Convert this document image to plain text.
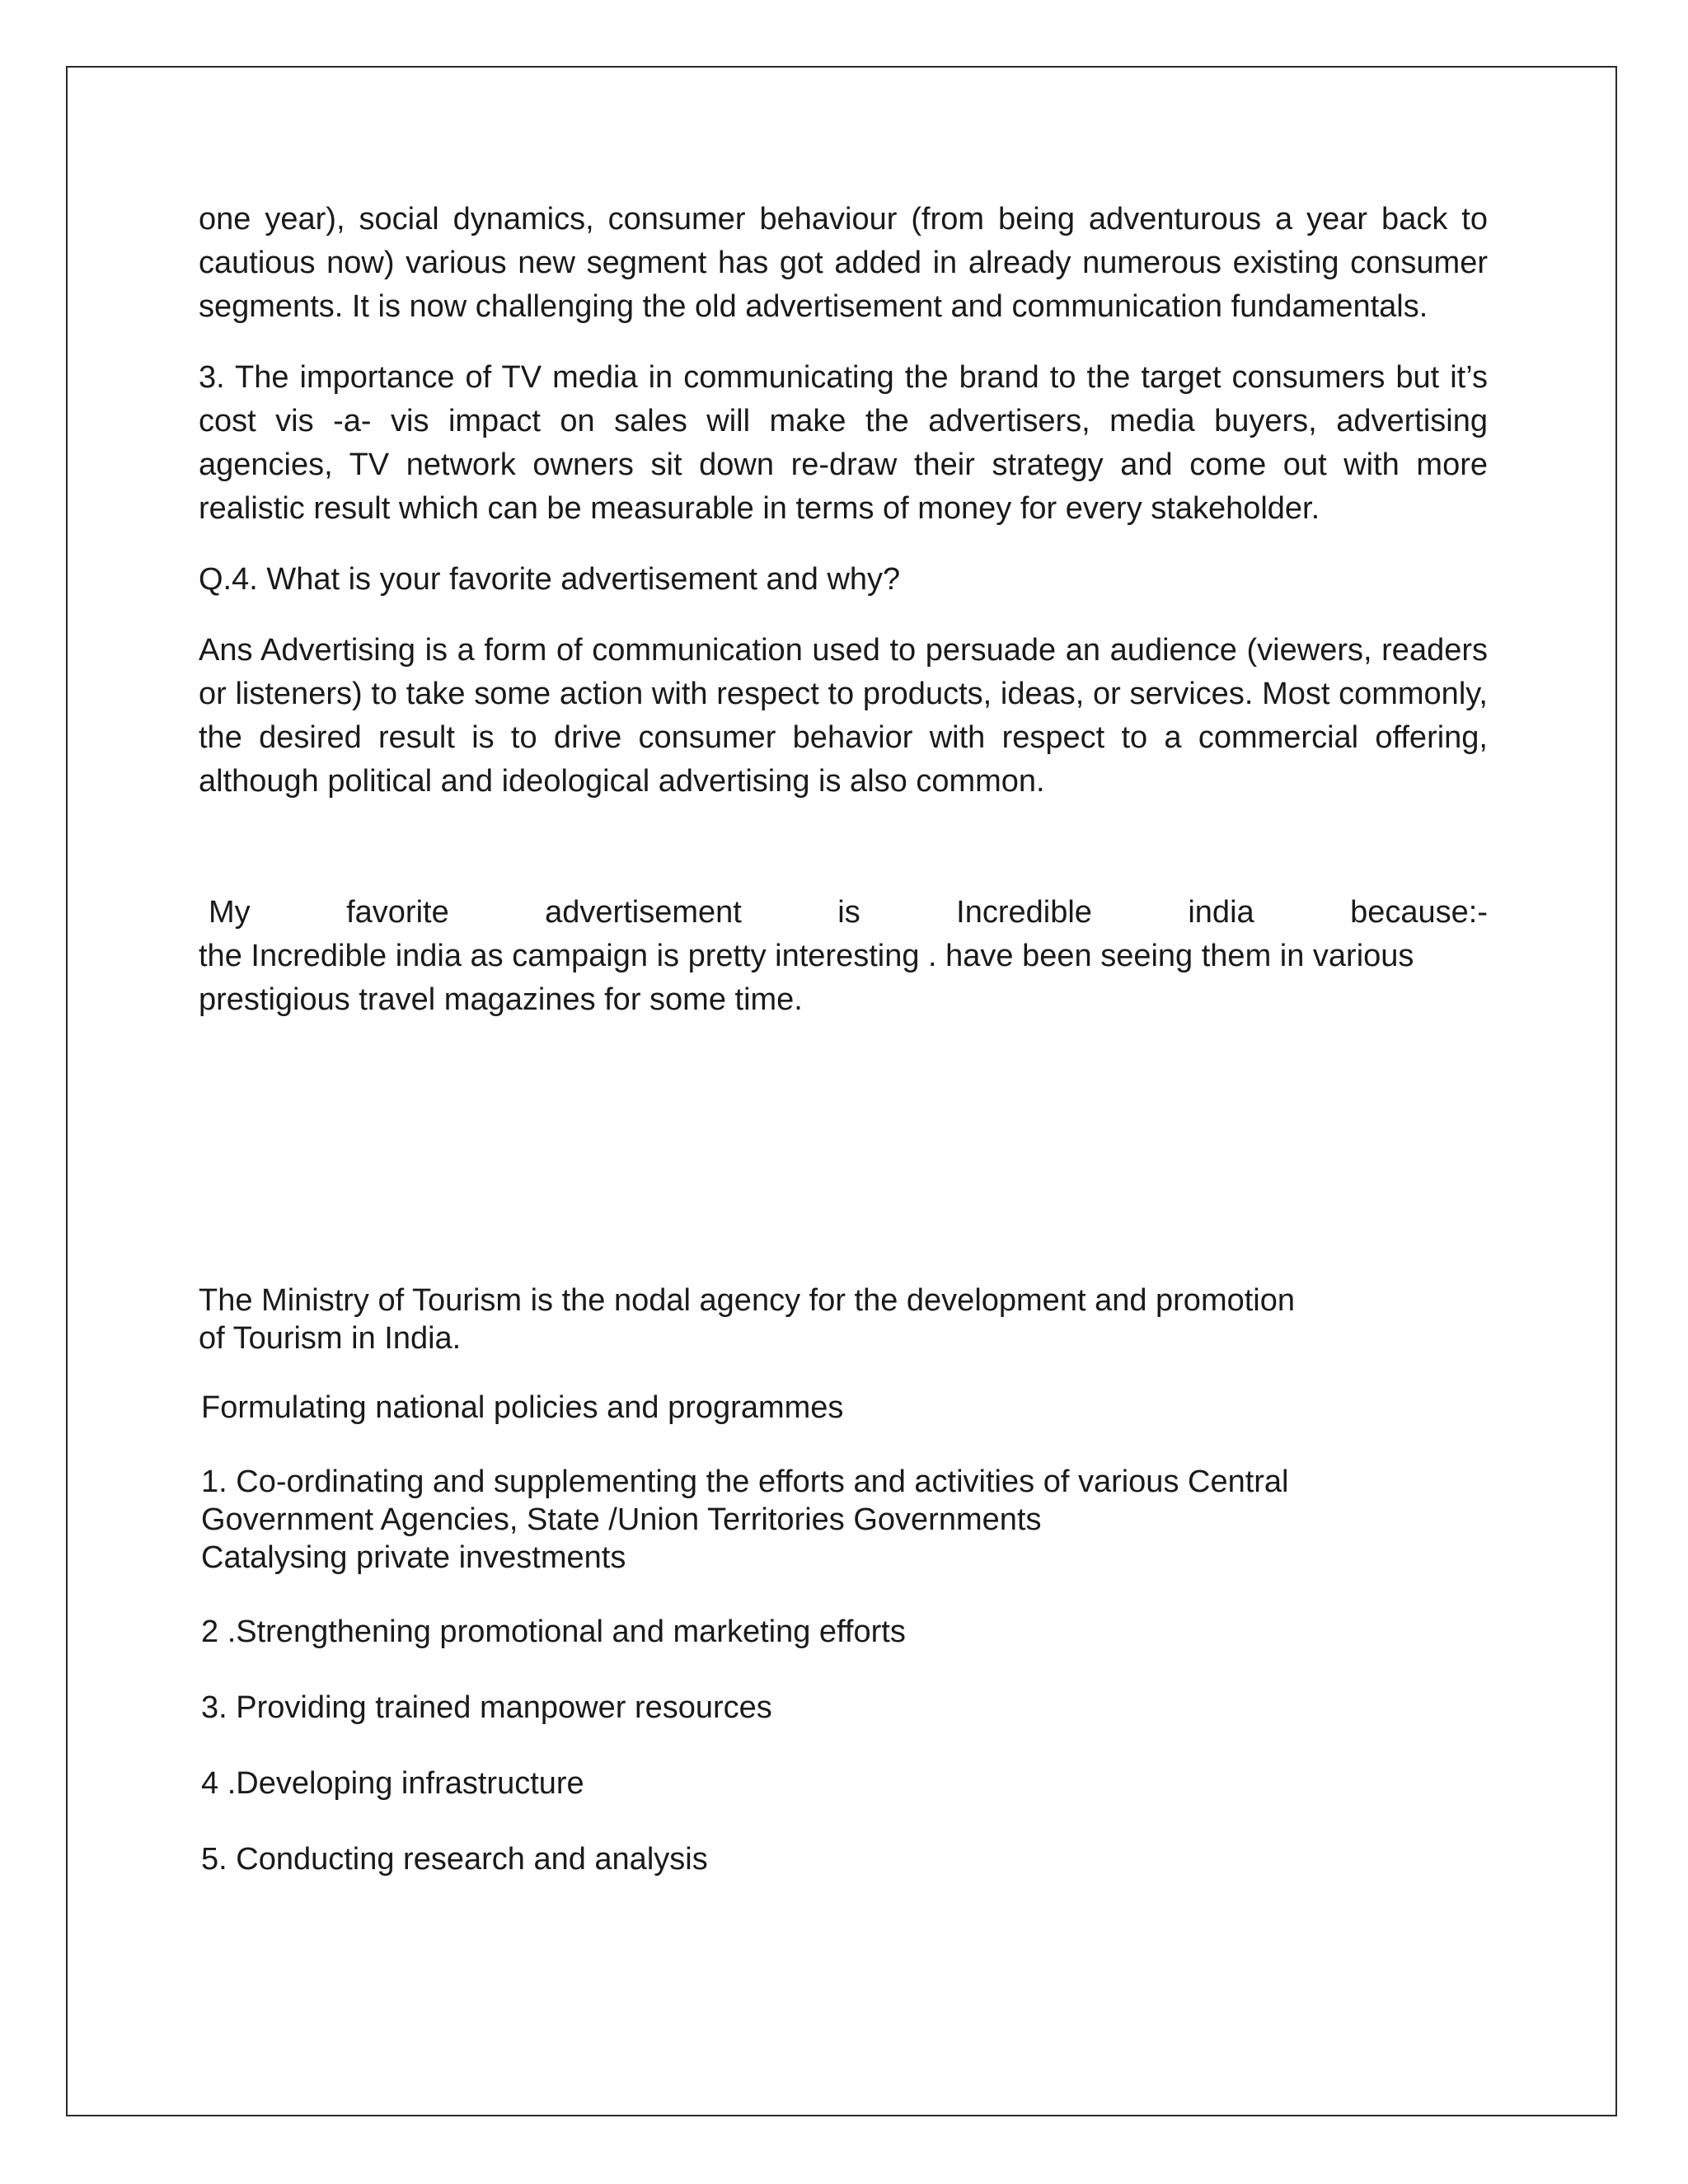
one year), social dynamics, consumer behaviour (from being adventurous a year back to cautious now) various new segment has got added in already numerous existing consumer segments. It is now challenging the old advertisement and communication fundamentals.

3. The importance of TV media in communicating the brand to the target consumers but it’s cost vis -a- vis impact on sales will make the advertisers, media buyers, advertising agencies, TV network owners sit down re-draw their strategy and come out with more realistic result which can be measurable in terms of money for every stakeholder.

Q.4. What is your favorite advertisement and why?

Ans Advertising is a form of communication used to persuade an audience (viewers, readers or listeners) to take some action with respect to products, ideas, or services. Most commonly, the desired result is to drive consumer behavior with respect to a commercial offering, although political and ideological advertising is also common.

My	favorite	advertisement	is	Incredible	india	because:-
the Incredible india as campaign is pretty interesting . have been seeing them in various
prestigious travel magazines for some time.

The Ministry of Tourism is the nodal agency for the development and promotion
of Tourism in India.

Formulating national policies and programmes

1. Co-ordinating and supplementing the efforts and activities of various Central
Government Agencies, State /Union Territories Governments
Catalysing private investments

2 .Strengthening promotional and marketing efforts

3. Providing trained manpower resources

4 .Developing infrastructure

5. Conducting research and analysis
